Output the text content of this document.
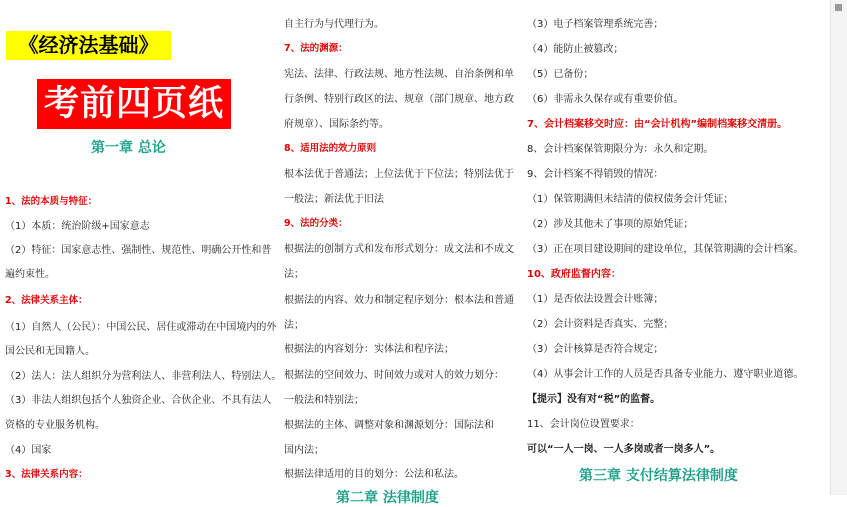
《经济法基础》
考前四页纸
第一章 总论
1、法的本质与特征：
（1）本质：统治阶级+国家意志
（2）特征：国家意志性、强制性、规范性、明确公开性和普
遍约束性。
2、法律关系主体：
（1）自然人（公民）：中国公民、居住或滞动在中国境内的外
国公民和无国籍人。
（2）法人：法人组织分为营利法人、非营利法人、特别法人。
（3）非法人组织包括个人独资企业、合伙企业、不具有法人
资格的专业服务机构。
（4）国家
3、法律关系内容：
自主行为与代理行为。
7、法的渊源：
宪法、法律、行政法规、地方性法规、自治条例和单
行条例、特别行政区的法、规章（部门规章、地方政
府规章）、国际条约等。
8、适用法的效力原则
根本法优于普通法；上位法优于下位法；特别法优于
一般法；新法优于旧法
9、法的分类：
根据法的创制方式和发布形式划分：成文法和不成文
法；
根据法的内容、效力和制定程序划分：根本法和普通
法；
根据法的内容划分：实体法和程序法；
根据法的空间效力、时间效力或对人的效力划分：
一般法和特别法；
根据法的主体、调整对象和渊源划分：国际法和
国内法；
根据法律适用的目的划分：公法和私法。
第二章 法律制度
（3）电子档案管理系统完善；
（4）能防止被篡改；
（5）已备份；
（6）非需永久保存或有重要价值。
7、会计档案移交时应：由“会计机构”编制档案移交清册。
8、会计档案保管期限分为：永久和定期。
9、会计档案不得销毁的情况：
（1）保管期满但未结清的债权债务会计凭证；
（2）涉及其他未了事项的原始凭证；
（3）正在项目建设期间的建设单位，其保管期满的会计档案。
10、政府监督内容：
（1）是否依法设置会计账簿；
（2）会计资料是否真实、完整；
（3）会计核算是否符合规定；
（4）从事会计工作的人员是否具备专业能力、遵守职业道德。
【提示】没有对“税”的监督。
11、会计岗位设置要求：
可以“一人一岗、一人多岗或者一岗多人”。
第三章 支付结算法律制度
